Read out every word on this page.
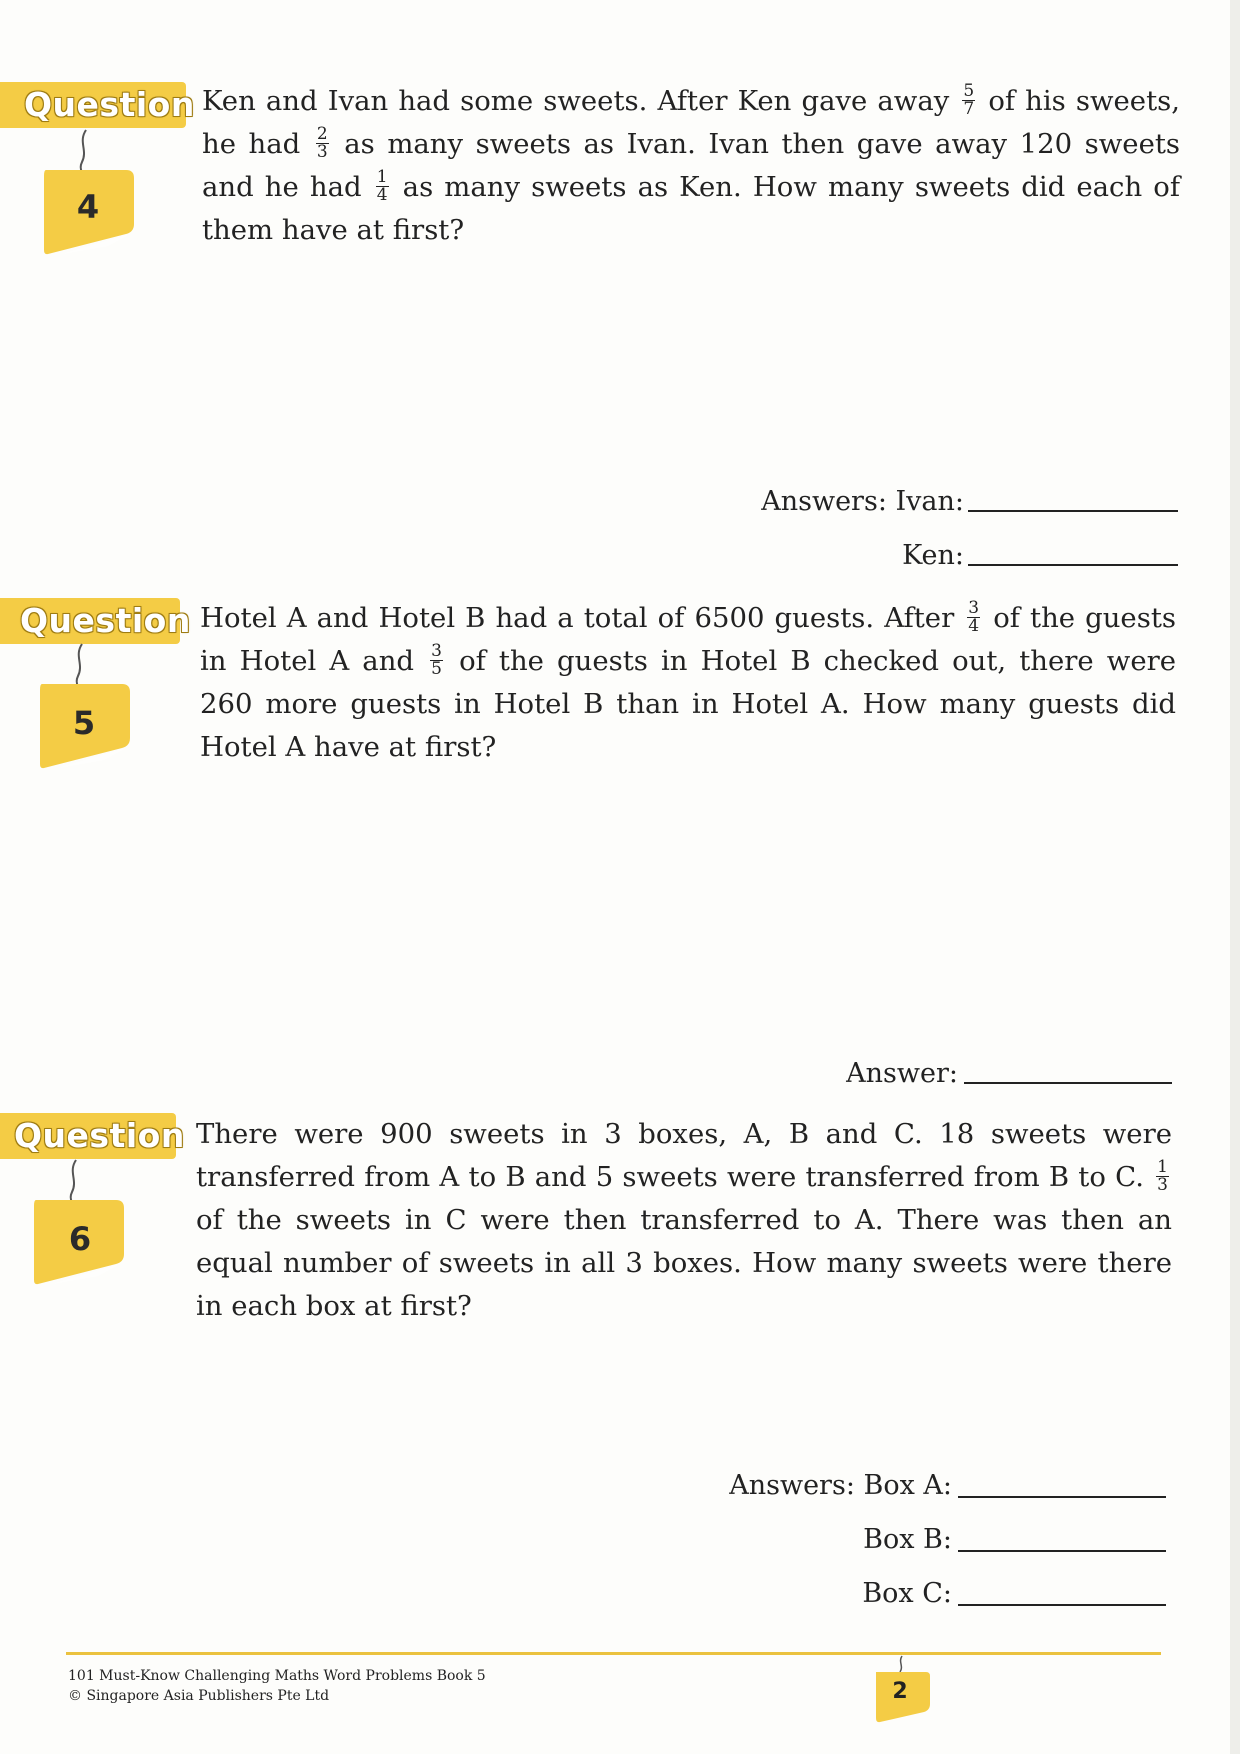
Question
4
Ken and Ivan had some sweets. After Ken gave away $\frac{5}{7}$ of his sweets, he had $\frac{2}{3}$ as many sweets as Ivan. Ivan then gave away 120 sweets and he had $\frac{1}{4}$ as many sweets as Ken. How many sweets did each of them have at first?
Answers: Ivan:
Ken:
Question
5
Hotel A and Hotel B had a total of 6500 guests. After $\frac{3}{4}$ of the guests in Hotel A and $\frac{3}{5}$ of the guests in Hotel B checked out, there were 260 more guests in Hotel B than in Hotel A. How many guests did Hotel A have at first?
Answer:
Question
6
There were 900 sweets in 3 boxes, A, B and C. 18 sweets were transferred from A to B and 5 sweets were transferred from B to C. $\frac{1}{3}$
of the sweets in C were then transferred to A. There was then an equal number of sweets in all 3 boxes. How many sweets were there in each box at first?
Answers: Box A:
Box B:
Box C:
101 Must-Know Challenging Maths Word Problems Book 5
© Singapore Asia Publishers Pte Ltd	2
